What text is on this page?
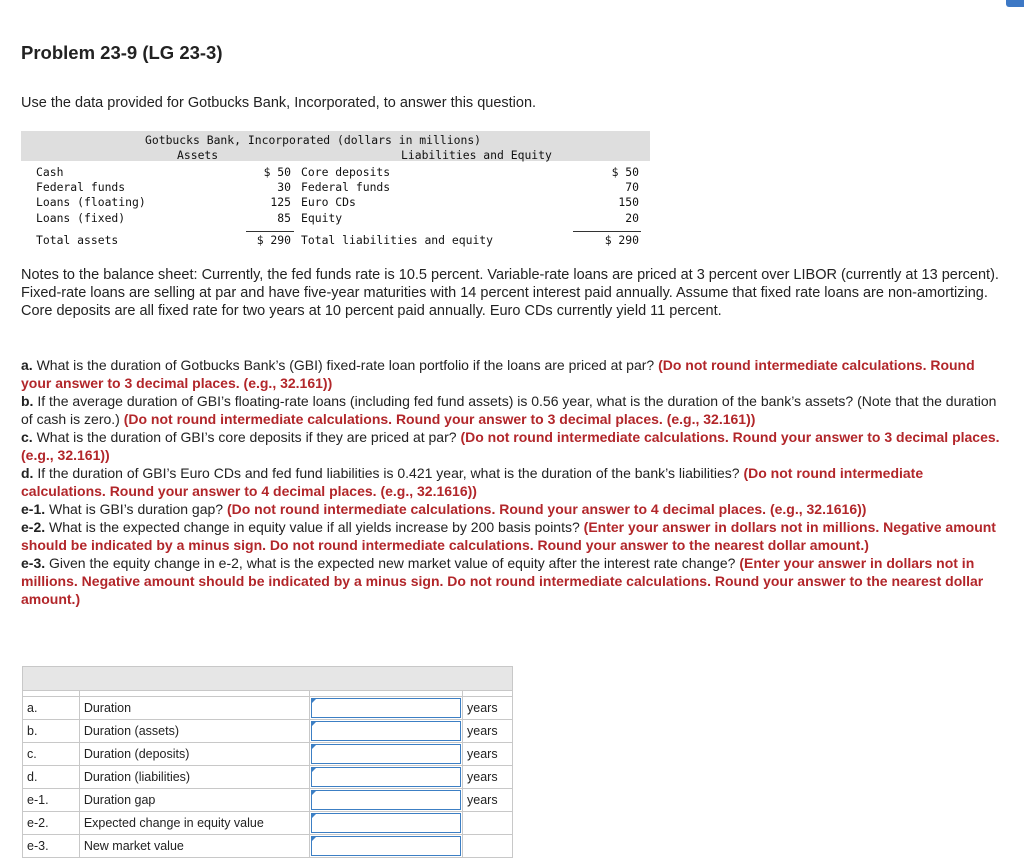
Problem 23-9 (LG 23-3)

Use the data provided for Gotbucks Bank, Incorporated, to answer this question.

Gotbucks Bank, Incorporated (dollars in millions)
Assets	Liabilities and Equity
Cash	$ 50 Core deposits	$ 50
Federal funds	30 Federal funds	70
Loans (floating)	125 Euro CDs	150
Loans (fixed)	85 Equity	20
Total assets	$ 290 Total liabilities and equity	$ 290

Notes to the balance sheet: Currently, the fed funds rate is 10.5 percent. Variable-rate loans are priced at 3 percent over LIBOR (currently at 13 percent). Fixed-rate loans are selling at par and have five-year maturities with 14 percent interest paid annually. Assume that fixed rate loans are non-amortizing. Core deposits are all fixed rate for two years at 10 percent paid annually. Euro CDs currently yield 11 percent.

a. What is the duration of Gotbucks Bank’s (GBI) fixed-rate loan portfolio if the loans are priced at par? (Do not round intermediate calculations. Round your answer to 3 decimal places. (e.g., 32.161))

b. If the average duration of GBI’s floating-rate loans (including fed fund assets) is 0.56 year, what is the duration of the bank’s assets? (Note that the duration of cash is zero.) (Do not round intermediate calculations. Round your answer to 3 decimal places. (e.g., 32.161))

c. What is the duration of GBI’s core deposits if they are priced at par? (Do not round intermediate calculations. Round your answer to 3 decimal places. (e.g., 32.161))

d. If the duration of GBI’s Euro CDs and fed fund liabilities is 0.421 year, what is the duration of the bank’s liabilities? (Do not round intermediate calculations. Round your answer to 4 decimal places. (e.g., 32.1616))

e-1. What is GBI’s duration gap? (Do not round intermediate calculations. Round your answer to 4 decimal places. (e.g., 32.1616))

e-2. What is the expected change in equity value if all yields increase by 200 basis points? (Enter your answer in dollars not in millions. Negative amount should be indicated by a minus sign. Do not round intermediate calculations. Round your answer to the nearest dollar amount.)

e-3. Given the equity change in e-2, what is the expected new market value of equity after the interest rate change? (Enter your answer in dollars not in millions. Negative amount should be indicated by a minus sign. Do not round intermediate calculations. Round your answer to the nearest dollar amount.)

a.	Duration		years
b.	Duration (assets)		years
c.	Duration (deposits)		years
d.	Duration (liabilities)		years
e-1.	Duration gap		years
e-2.	Expected change in equity value	

e-3.	New market value	
